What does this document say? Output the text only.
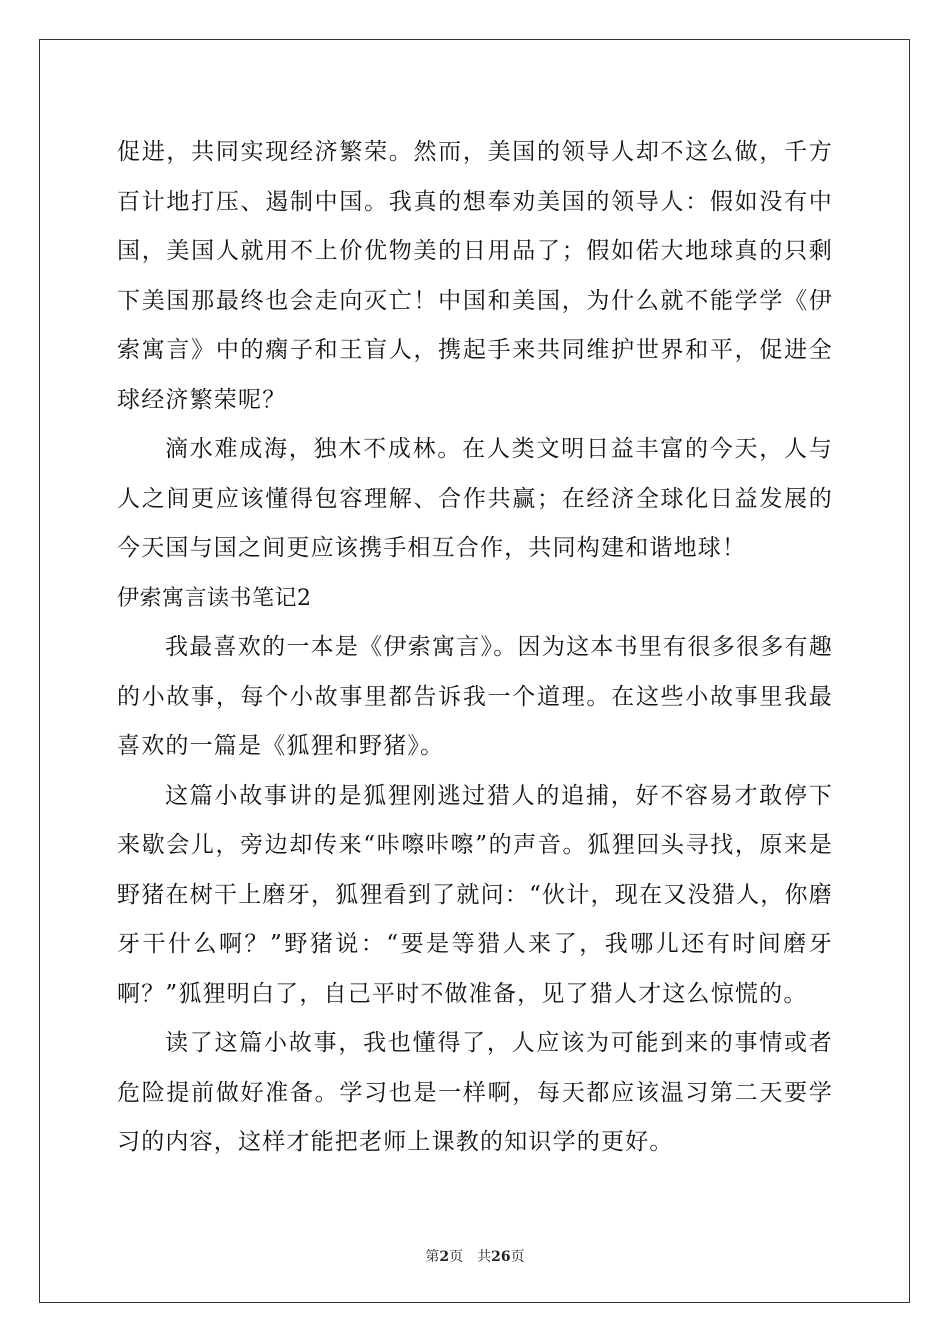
促进，共同实现经济繁荣。然而，美国的领导人却不这么做，千方百计地打压、遏制中国。我真的想奉劝美国的领导人：假如没有中国，美国人就用不上价优物美的日用品了；假如偌大地球真的只剩下美国那最终也会走向灭亡！中国和美国，为什么就不能学学《伊索寓言》中的瘸子和王盲人，携起手来共同维护世界和平，促进全球经济繁荣呢？

滴水难成海，独木不成林。在人类文明日益丰富的今天，人与人之间更应该懂得包容理解、合作共赢；在经济全球化日益发展的今天国与国之间更应该携手相互合作，共同构建和谐地球！

伊索寓言读书笔记2

我最喜欢的一本是《伊索寓言》。因为这本书里有很多很多有趣的小故事，每个小故事里都告诉我一个道理。在这些小故事里我最喜欢的一篇是《狐狸和野猪》。

这篇小故事讲的是狐狸刚逃过猎人的追捕，好不容易才敢停下来歇会儿，旁边却传来“咔嚓咔嚓”的声音。狐狸回头寻找，原来是野猪在树干上磨牙，狐狸看到了就问：“伙计，现在又没猎人，你磨牙干什么啊？”野猪说：“要是等猎人来了，我哪儿还有时间磨牙啊？”狐狸明白了，自己平时不做准备，见了猎人才这么惊慌的。

读了这篇小故事，我也懂得了，人应该为可能到来的事情或者危险提前做好准备。学习也是一样啊，每天都应该温习第二天要学习的内容，这样才能把老师上课教的知识学的更好。

第2页 共26页
